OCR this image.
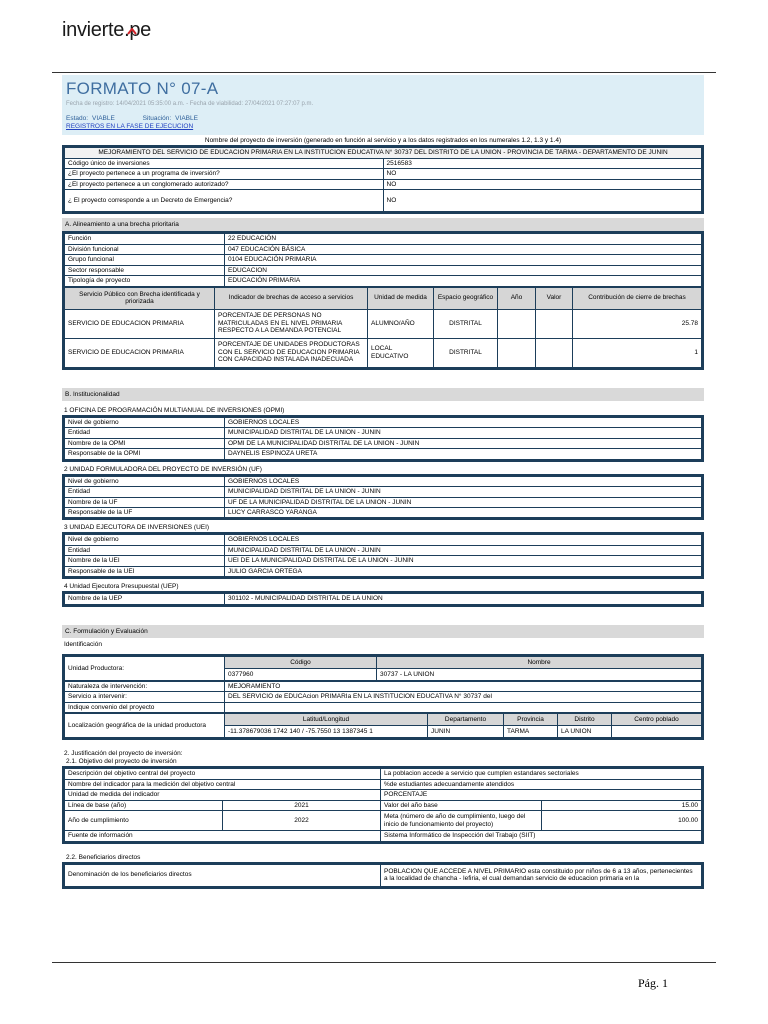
invierte.pe
FORMATO N° 07-A
Fecha de registro: 14/04/2021 05:35:00 a.m. - Fecha de viabilidad: 27/04/2021 07:27:07 p.m.
Estado: VIABLE	Situación: VIABLE
REGISTROS EN LA FASE DE EJECUCION
Nombre del proyecto de inversión (generado en función al servicio y a los datos registrados en los numerales 1.2, 1.3 y 1.4)
MEJORAMIENTO DEL SERVICIO DE EDUCACION PRIMARIA EN LA INSTITUCION EDUCATIVA N° 30737 DEL DISTRITO DE LA UNION - PROVINCIA DE TARMA - DEPARTAMENTO DE JUNIN	
Código único de inversiones	2516583
¿El proyecto pertenece a un programa de inversión?	NO
¿El proyecto pertenece a un conglomerado autorizado?	NO
¿ El proyecto corresponde a un Decreto de Emergencia?	NO
A. Alineamiento a una brecha prioritaria
Función	22 EDUCACIÓN
División funcional	047 EDUCACIÓN BÁSICA
Grupo funcional	0104 EDUCACIÓN PRIMARIA
Sector responsable	EDUCACION
Tipología de proyecto	EDUCACIÓN PRIMARIA
Servicio Público con Brecha identificada y priorizada	Indicador de brechas de acceso a servicios	Unidad de medida	Espacio geográfico	Año	Valor	Contribución de cierre de brechas
SERVICIO DE EDUCACION PRIMARIA	PORCENTAJE DE PERSONAS NO MATRICULADAS EN EL NIVEL PRIMARIA RESPECTO A LA DEMANDA POTENCIAL	ALUMNO/AÑO	DISTRITAL			25.78
SERVICIO DE EDUCACION PRIMARIA	PORCENTAJE DE UNIDADES PRODUCTORAS CON EL SERVICIO DE EDUCACION PRIMARIA CON CAPACIDAD INSTALADA INADECUADA	LOCAL EDUCATIVO	DISTRITAL			1
B. Institucionalidad
1 OFICINA DE PROGRAMACIÓN MULTIANUAL DE INVERSIONES (OPMI)
Nivel de gobierno	GOBIERNOS LOCALES
Entidad	MUNICIPALIDAD DISTRITAL DE LA UNION - JUNIN
Nombre de la OPMI	OPMI DE LA MUNICIPALIDAD DISTRITAL DE LA UNION - JUNIN
Responsable de la OPMI	DAYNELIS ESPINOZA URETA
2 UNIDAD FORMULADORA DEL PROYECTO DE INVERSIÓN (UF)
Nivel de gobierno	GOBIERNOS LOCALES
Entidad	MUNICIPALIDAD DISTRITAL DE LA UNION - JUNIN
Nombre de la UF	UF DE LA MUNICIPALIDAD DISTRITAL DE LA UNION - JUNIN
Responsable de la UF	LUCY CARRASCO YARANGA
3 UNIDAD EJECUTORA DE INVERSIONES (UEI)
Nivel de gobierno	GOBIERNOS LOCALES
Entidad	MUNICIPALIDAD DISTRITAL DE LA UNION - JUNIN
Nombre de la UEI	UEI DE LA MUNICIPALIDAD DISTRITAL DE LA UNION - JUNIN
Responsable de la UEI	JULIO GARCIA ORTEGA
4 Unidad Ejecutora Presupuestal (UEP)
Nombre de la UEP	301102 - MUNICIPALIDAD DISTRITAL DE LA UNION
C. Formulación y Evaluación
Identificación
Unidad Productora:	Código	Nombre
	0377960	30737 - LA UNION
Naturaleza de intervención:	MEJORAMIENTO
Servicio a intervenir:	DEL SERVICIO de EDUCAcion PRIMARIa EN LA INSTITUCION EDUCATIVA N° 30737 del
Indique convenio del proyecto	
Localización geográfica de la unidad productora	Latitud/Longitud	Departamento	Provincia	Distrito	Centro poblado
	-11.378679036 1742 140 / -75.7550 13 1387345 1	JUNIN	TARMA	LA UNION	
2. Justificación del proyecto de inversión:
2.1. Objetivo del proyecto de inversión
Descripción del objetivo central del proyecto		La poblacion accede a servicio que cumplen estandares sectoriales	
Nombre del indicador para la medición del objetivo central		%de estudiantes adecuandamente atendidos	
Unidad de medida del indicador		PORCENTAJE	
Línea de base (año)	2021	Valor del año base	15.00
Año de cumplimiento	2022	Meta (número de año de cumplimiento, luego del inicio de funcionamiento del proyecto)	100.00
Fuente de información		Sistema Informático de Inspección del Trabajo (SIIT)	
2.2. Beneficiarios directos
Denominación de los beneficiarios directos	POBLACION QUE ACCEDE A NIVEL PRIMARIO esta constituido por niños de 6 a 13 años, pertenecientes a la localidad de chancha - lefiria, el cual demandan servicio de educacion primaria en la
Pág. 1
